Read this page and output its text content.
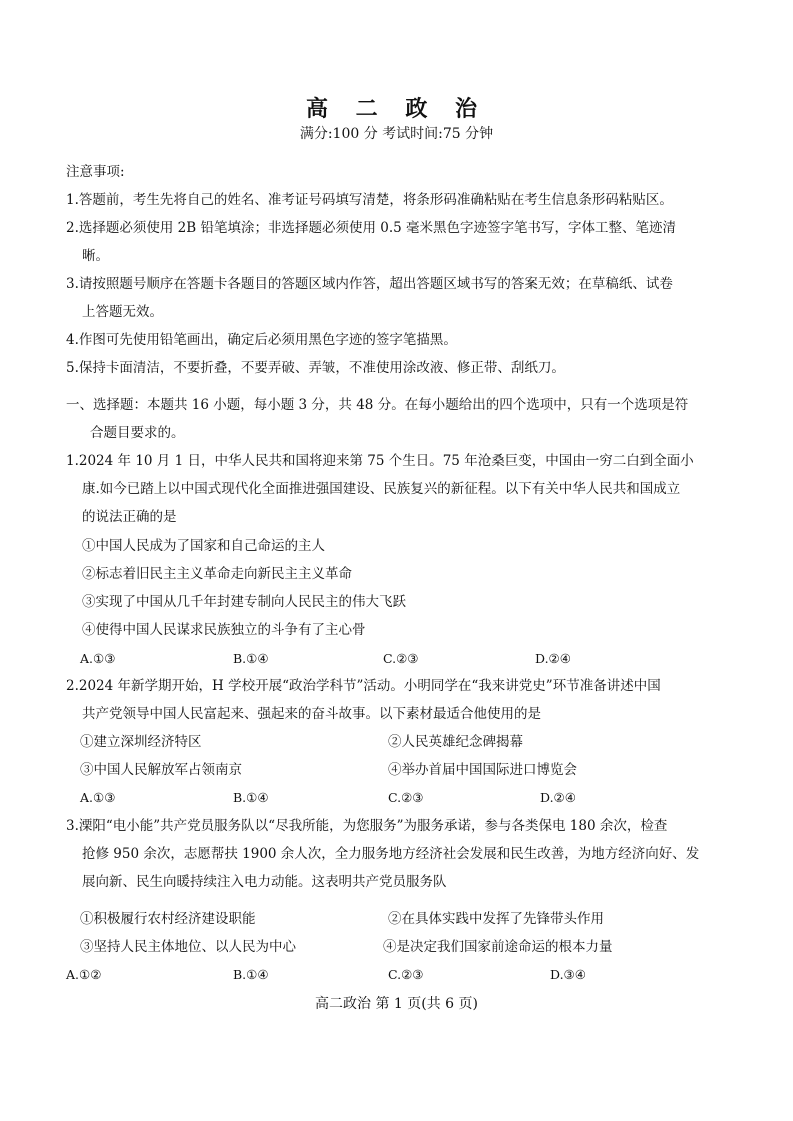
高 二 政 治
满分:100 分 考试时间:75 分钟
注意事项:
1.答题前，考生先将自己的姓名、准考证号码填写清楚，将条形码准确粘贴在考生信息条形码粘贴区。
2.选择题必须使用 2B 铅笔填涂；非选择题必须使用 0.5 毫米黑色字迹签字笔书写，字体工整、笔迹清
晰。
3.请按照题号顺序在答题卡各题目的答题区域内作答，超出答题区域书写的答案无效；在草稿纸、试卷
上答题无效。
4.作图可先使用铅笔画出，确定后必须用黑色字迹的签字笔描黑。
5.保持卡面清洁，不要折叠，不要弄破、弄皱，不准使用涂改液、修正带、刮纸刀。
一、选择题：本题共 16 小题，每小题 3 分，共 48 分。在每小题给出的四个选项中，只有一个选项是符
合题目要求的。
1.2024 年 10 月 1 日，中华人民共和国将迎来第 75 个生日。75 年沧桑巨变，中国由一穷二白到全面小
康.如今已踏上以中国式现代化全面推进强国建设、民族复兴的新征程。以下有关中华人民共和国成立
的说法正确的是
①中国人民成为了国家和自己命运的主人
②标志着旧民主主义革命走向新民主主义革命
③实现了中国从几千年封建专制向人民民主的伟大飞跃
④使得中国人民谋求民族独立的斗争有了主心骨
A.①③	B.①④	C.②③	D.②④
2.2024 年新学期开始，H 学校开展“政治学科节”活动。小明同学在“我来讲党史”环节准备讲述中国
共产党领导中国人民富起来、强起来的奋斗故事。以下素材最适合他使用的是
①建立深圳经济特区	②人民英雄纪念碑揭幕
③中国人民解放军占领南京	④举办首届中国国际进口博览会
A.①③	B.①④	C.②③	D.②④
3.溧阳“电小能”共产党员服务队以“尽我所能，为您服务”为服务承诺，参与各类保电 180 余次，检查
抢修 950 余次，志愿帮扶 1900 余人次，全力服务地方经济社会发展和民生改善，为地方经济向好、发
展向新、民生向暖持续注入电力动能。这表明共产党员服务队
①积极履行农村经济建设职能	②在具体实践中发挥了先锋带头作用
③坚持人民主体地位、以人民为中心	④是决定我们国家前途命运的根本力量
A.①②	B.①④	C.②③	D.③④
高二政治 第 1 页(共 6 页)
